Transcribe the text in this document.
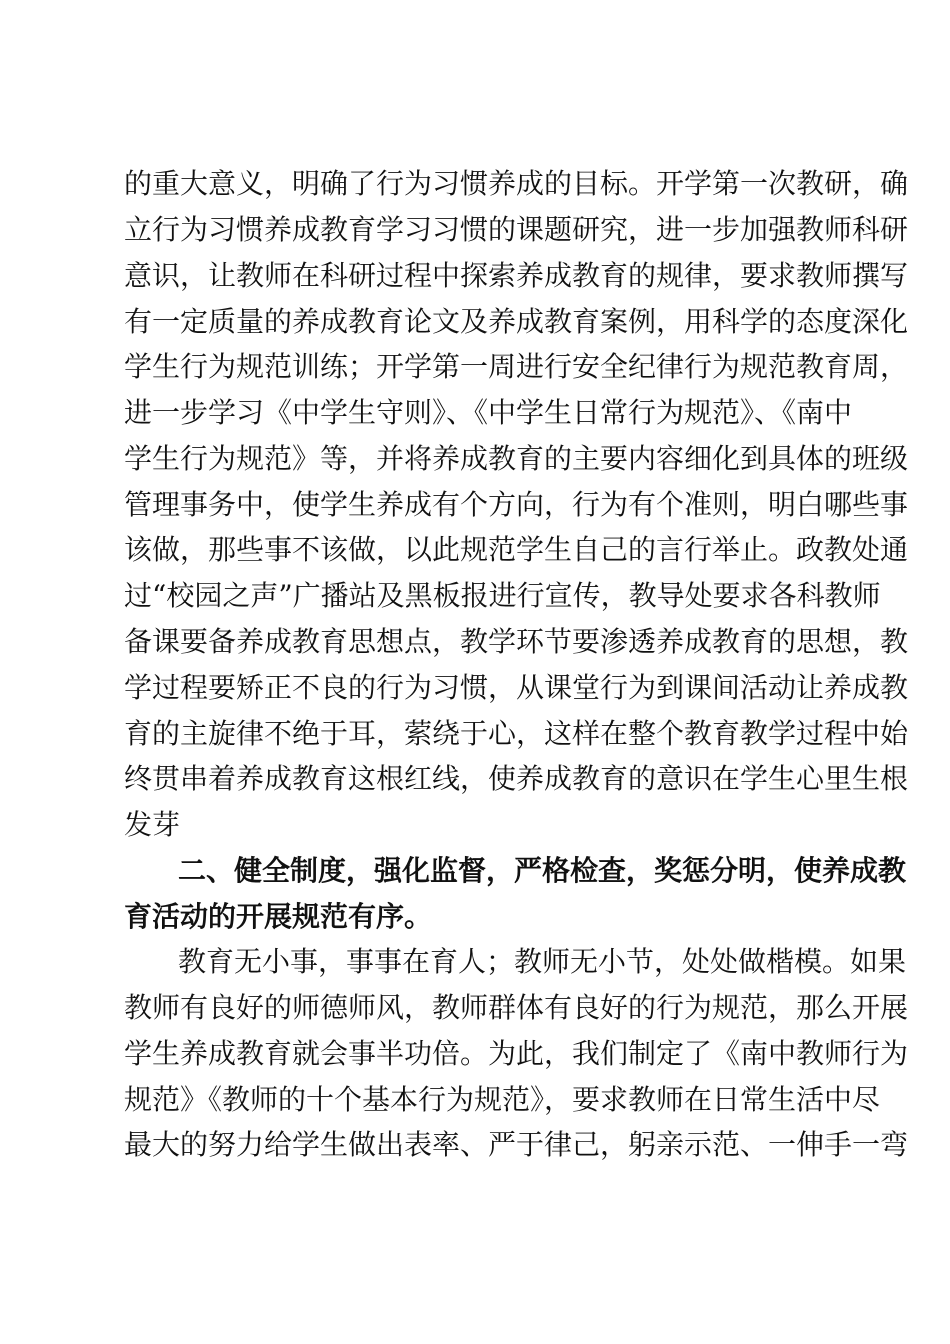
的重大意义，明确了行为习惯养成的目标。开学第一次教研，确
立行为习惯养成教育学习习惯的课题研究，进一步加强教师科研
意识，让教师在科研过程中探索养成教育的规律，要求教师撰写
有一定质量的养成教育论文及养成教育案例，用科学的态度深化
学生行为规范训练；开学第一周进行安全纪律行为规范教育周，
进一步学习《中学生守则》、《中学生日常行为规范》、《南中
学生行为规范》等，并将养成教育的主要内容细化到具体的班级
管理事务中，使学生养成有个方向，行为有个准则，明白哪些事
该做，那些事不该做，以此规范学生自己的言行举止。政教处通
过“校园之声”广播站及黑板报进行宣传，教导处要求各科教师
备课要备养成教育思想点，教学环节要渗透养成教育的思想，教
学过程要矫正不良的行为习惯，从课堂行为到课间活动让养成教
育的主旋律不绝于耳，萦绕于心，这样在整个教育教学过程中始
终贯串着养成教育这根红线，使养成教育的意识在学生心里生根
发芽
二、健全制度，强化监督，严格检查，奖惩分明，使养成教
育活动的开展规范有序。
教育无小事，事事在育人；教师无小节，处处做楷模。如果
教师有良好的师德师风，教师群体有良好的行为规范，那么开展
学生养成教育就会事半功倍。为此，我们制定了《南中教师行为
规范》《教师的十个基本行为规范》，要求教师在日常生活中尽
最大的努力给学生做出表率、严于律己，躬亲示范、一伸手一弯
